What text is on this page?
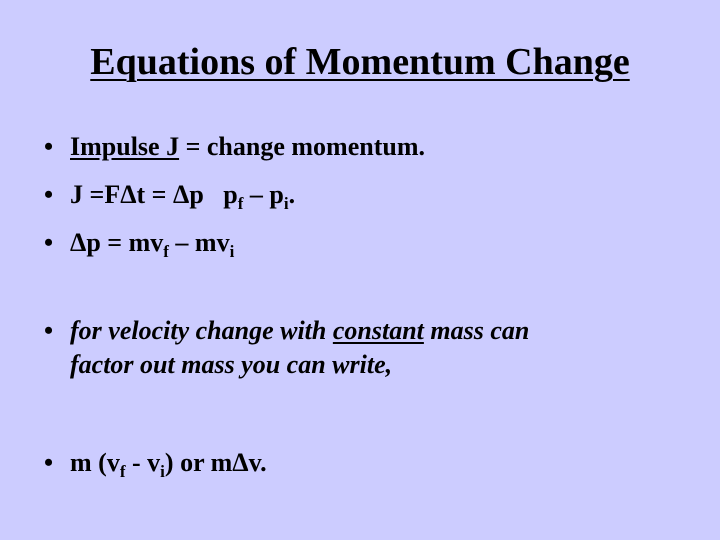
Equations of Momentum Change
• Impulse J = change momentum.
• J =FΔt = Δp   $p_f - p_i$.
• $\Delta p = mv_f - mv_i$
• for velocity change with constant mass can
factor out mass you can write,
• m $(v_f - v_i)$ or mΔv.
